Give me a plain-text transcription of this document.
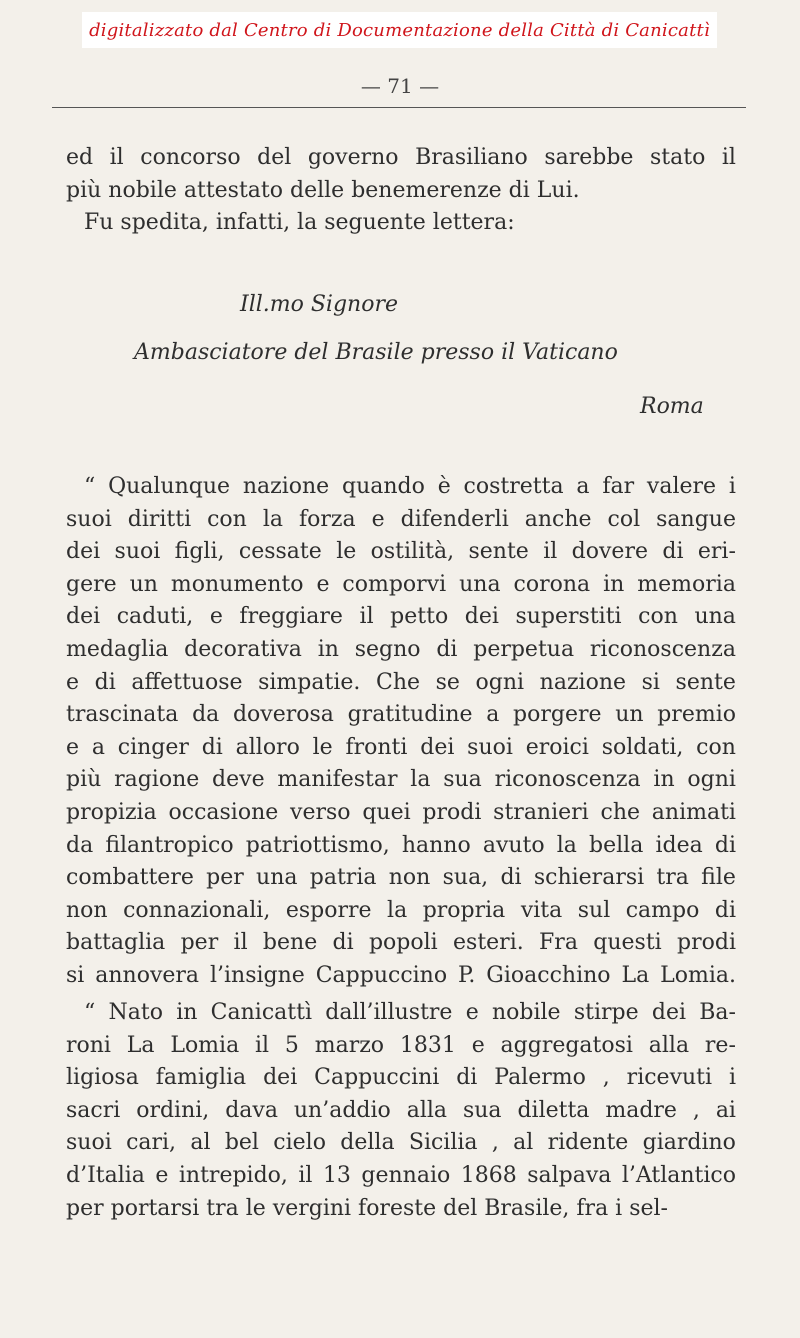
digitalizzato dal Centro di Documentazione della Città di Canicattì
— 71 —
ed il concorso del governo Brasiliano sarebbe stato il
più nobile attestato delle benemerenze di Lui.
Fu spedita, infatti, la seguente lettera:
Ill.mo Signore
Ambasciatore del Brasile presso il Vaticano
Roma
“ Qualunque nazione quando è costretta a far valere i
suoi diritti con la forza e difenderli anche col sangue
dei suoi figli, cessate le ostilità, sente il dovere di eri-
gere un monumento e comporvi una corona in memoria
dei caduti, e freggiare il petto dei superstiti con una
medaglia decorativa in segno di perpetua riconoscenza
e di affettuose simpatie. Che se ogni nazione si sente
trascinata da doverosa gratitudine a porgere un premio
e a cinger di alloro le fronti dei suoi eroici soldati, con
più ragione deve manifestar la sua riconoscenza in ogni
propizia occasione verso quei prodi stranieri che animati
da filantropico patriottismo, hanno avuto la bella idea di
combattere per una patria non sua, di schierarsi tra file
non connazionali, esporre la propria vita sul campo di
battaglia per il bene di popoli esteri. Fra questi prodi
si annovera l’insigne Cappuccino P. Gioacchino La Lomia.
“ Nato in Canicattì dall’illustre e nobile stirpe dei Ba-
roni La Lomia il 5 marzo 1831 e aggregatosi alla re-
ligiosa famiglia dei Cappuccini di Palermo , ricevuti i
sacri ordini, dava un’addio alla sua diletta madre , ai
suoi cari, al bel cielo della Sicilia , al ridente giardino
d’Italia e intrepido, il 13 gennaio 1868 salpava l’Atlantico
per portarsi tra le vergini foreste del Brasile, fra i sel-
